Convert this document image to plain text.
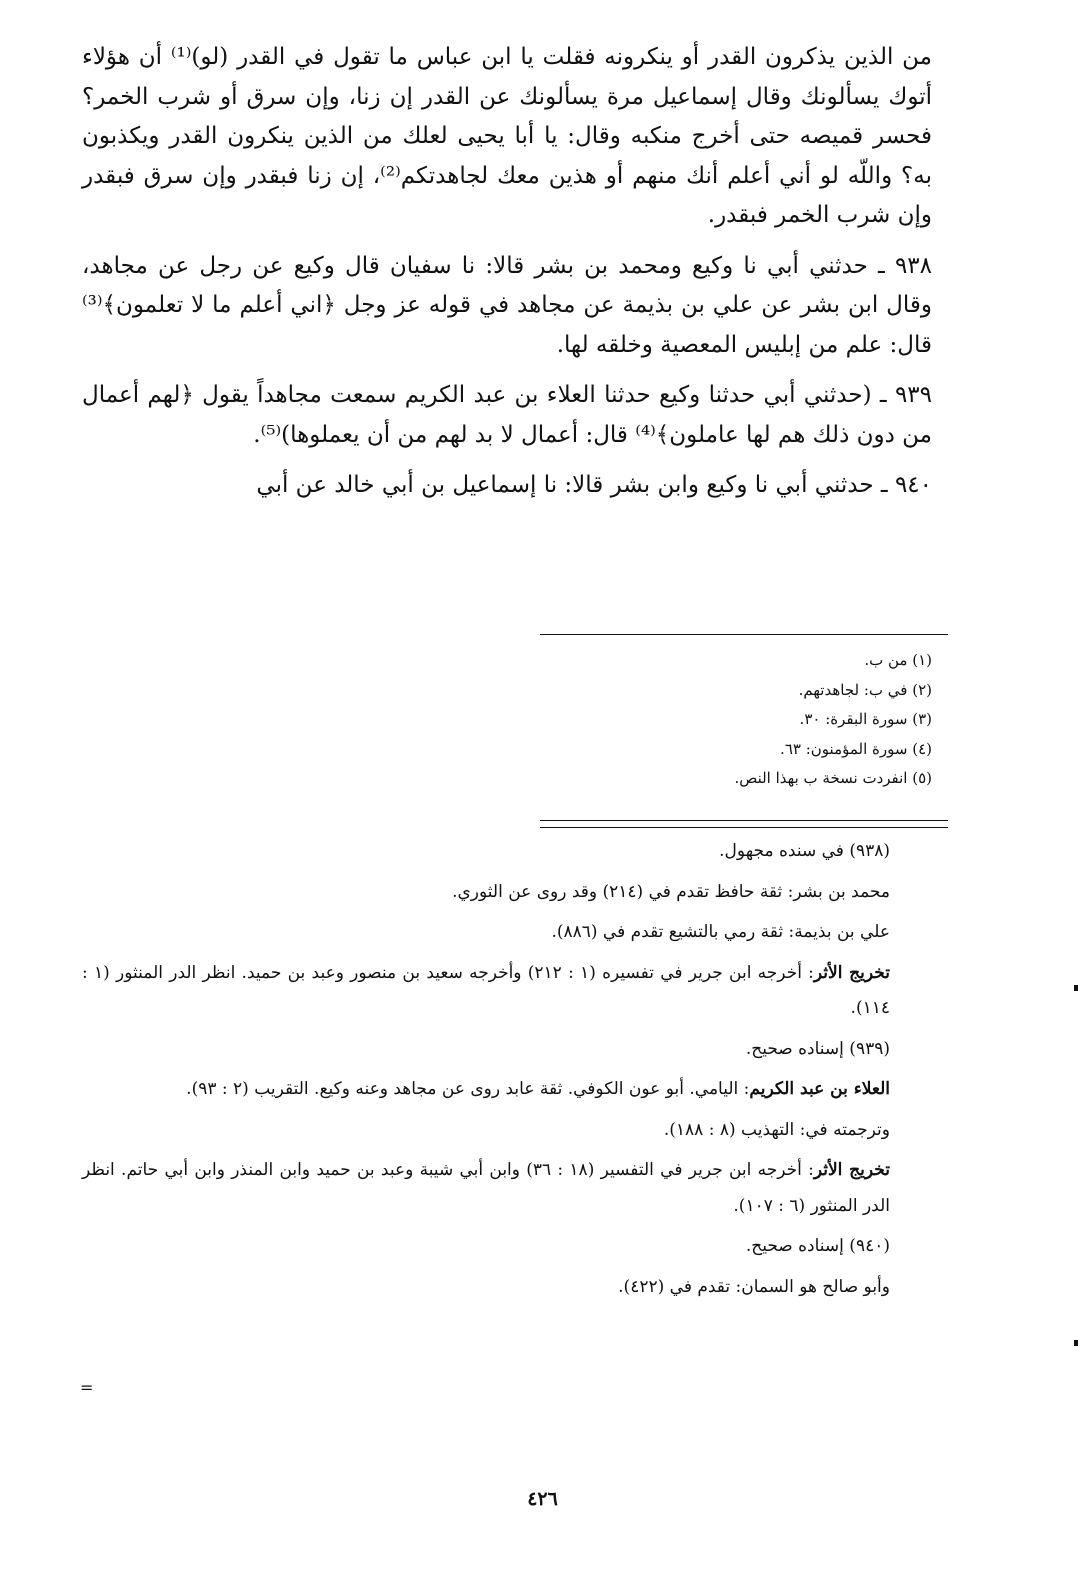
من الذين يذكرون القدر أو ينكرونه فقلت يا ابن عباس ما تقول في القدر (لو)⁽¹⁾ أن هؤلاء أتوك يسألونك وقال إسماعيل مرة يسألونك عن القدر إن زنا، وإن سرق أو شرب الخمر؟ فحسر قميصه حتى أخرج منكبه وقال: يا أبا يحيى لعلك من الذين ينكرون القدر ويكذبون به؟ واللّه لو أني أعلم أنك منهم أو هذين معك لجاهدتكم⁽²⁾، إن زنا فبقدر وإن سرق فبقدر وإن شرب الخمر فبقدر.

٩٣٨ ـ حدثني أبي نا وكيع ومحمد بن بشر قالا: نا سفيان قال وكيع عن رجل عن مجاهد، وقال ابن بشر عن علي بن بذيمة عن مجاهد في قوله عز وجل ﴿اني أعلم ما لا تعلمون﴾⁽³⁾ قال: علم من إبليس المعصية وخلقه لها.

٩٣٩ ـ (حدثني أبي حدثنا وكيع حدثنا العلاء بن عبد الكريم سمعت مجاهداً يقول ﴿لهم أعمال من دون ذلك هم لها عاملون﴾⁽⁴⁾ قال: أعمال لا بد لهم من أن يعملوها)⁽⁵⁾.

٩٤٠ ـ حدثني أبي نا وكيع وابن بشر قالا: نا إسماعيل بن أبي خالد عن أبي

(١) من ب.

(٢) في ب: لجاهدتهم.

(٣) سورة البقرة: ٣٠.

(٤) سورة المؤمنون: ٦٣.

(٥) انفردت نسخة ب بهذا النص.

(٩٣٨) في سنده مجهول.

محمد بن بشر: ثقة حافظ تقدم في (٢١٤) وقد روى عن الثوري.

علي بن بذيمة: ثقة رمي بالتشيع تقدم في (٨٨٦).

تخريج الأثر: أخرجه ابن جرير في تفسيره (١ : ٢١٢) وأخرجه سعيد بن منصور وعبد بن حميد. انظر الدر المنثور (١ : ١١٤).

(٩٣٩) إسناده صحيح.

العلاء بن عبد الكريم: اليامي. أبو عون الكوفي. ثقة عابد روى عن مجاهد وعنه وكيع. التقريب (٢ : ٩٣).

وترجمته في: التهذيب (٨ : ١٨٨).

تخريج الأثر: أخرجه ابن جرير في التفسير (١٨ : ٣٦) وابن أبي شيبة وعبد بن حميد وابن المنذر وابن أبي حاتم. انظر الدر المنثور (٦ : ١٠٧).

(٩٤٠) إسناده صحيح.

وأبو صالح هو السمان: تقدم في (٤٢٢).

=
٤٢٦
